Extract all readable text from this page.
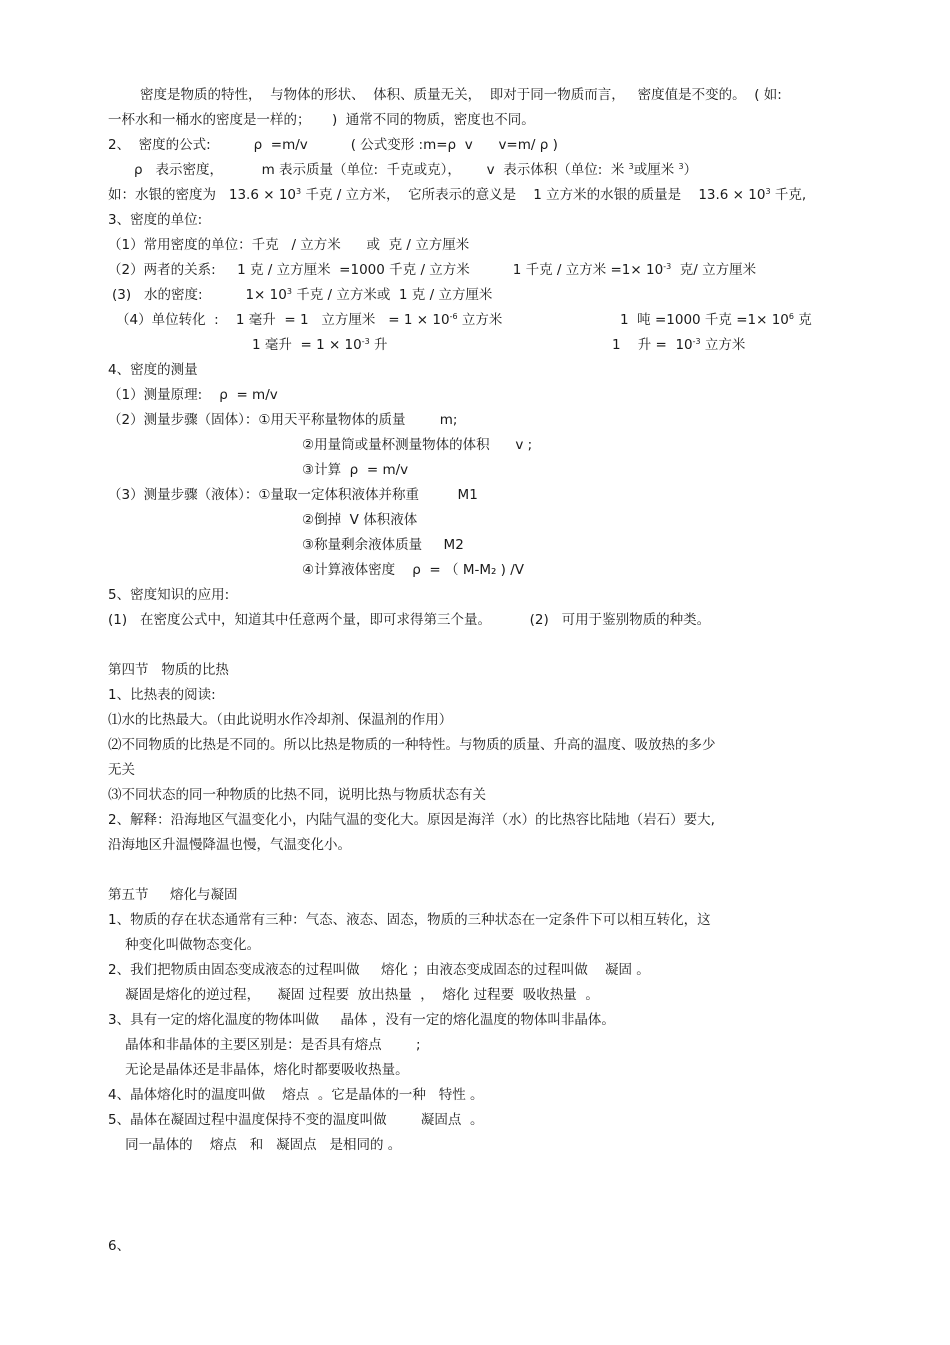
密度是物质的特性，  与物体的形状、  体积、质量无关，  即对于同一物质而言，   密度值是不变的。  ( 如:
一杯水和一桶水的密度是一样的；     )  通常不同的物质，密度也不同。
2、  密度的公式:          ρ  =m/v          ( 公式变形 :m=ρ  v      v=m/ ρ )
ρ   表示密度，         m 表示质量（单位:  千克或克），      v  表示体积（单位:  米 $^3$或厘米 $^3$）
如：水银的密度为   $13.6 \times 10^3$ 千克 / 立方米，  它所表示的意义是    1 立方米的水银的质量是    $13.6 \times 10^3$ 千克,
3、密度的单位:
（1）常用密度的单位：千克   / 立方米      或  克 / 立方厘米
（2）两者的关系:     1 克 / 立方厘米  =1000 千克 / 立方米          1 千克 / 立方米 $=1\times 10^{-3}$  克/ 立方厘米
(3)   水的密度:          $1\times 10^3$ 千克 / 立方米或  1 克 / 立方厘米
（4）单位转化  :    1 毫升  = 1   立方厘米   = $1 \times 10^{-6}$ 立方米	1  吨 =1000 千克 $=1\times 10^6$ 克
1 毫升  = $1 \times 10^{-3}$ 升	1    升 =  $10^{-3}$ 立方米
4、密度的测量
（1）测量原理:    ρ  = m/v
（2）测量步骤（固体）：①用天平称量物体的质量        m;
②用量筒或量杯测量物体的体积      v ;
③计算  ρ  = m/v
（3）测量步骤（液体）：①量取一定体积液体并称重         M1
②倒掉  V 体积液体
③称量剩余液体质量     M2
④计算液体密度    ρ  = （ M-M₂ ) /V
5、密度知识的应用:
(1)   在密度公式中，知道其中任意两个量，即可求得第三个量。         (2)   可用于鉴别物质的种类。
第四节   物质的比热
1、比热表的阅读:
⑴水的比热最大。（由此说明水作冷却剂、保温剂的作用）
⑵不同物质的比热是不同的。所以比热是物质的一种特性。与物质的质量、升高的温度、吸放热的多少
无关
⑶不同状态的同一种物质的比热不同，说明比热与物质状态有关
2、解释：沿海地区气温变化小，内陆气温的变化大。原因是海洋（水）的比热容比陆地（岩石）要大,
沿海地区升温慢降温也慢，气温变化小。
第五节     熔化与凝固
1、物质的存在状态通常有三种：气态、液态、固态，物质的三种状态在一定条件下可以相互转化，这
种变化叫做物态变化。
2、我们把物质由固态变成液态的过程叫做     熔化 ；由液态变成固态的过程叫做    凝固 。
凝固是熔化的逆过程，    凝固 过程要  放出热量  ，  熔化 过程要  吸收热量  。
3、具有一定的熔化温度的物体叫做     晶体 ，没有一定的熔化温度的物体叫非晶体。
晶体和非晶体的主要区别是：是否具有熔点        ;
无论是晶体还是非晶体，熔化时都要吸收热量。
4、晶体熔化时的温度叫做    熔点  。它是晶体的一种   特性 。
5、晶体在凝固过程中温度保持不变的温度叫做        凝固点  。
同一晶体的    熔点   和   凝固点   是相同的 。
6、
